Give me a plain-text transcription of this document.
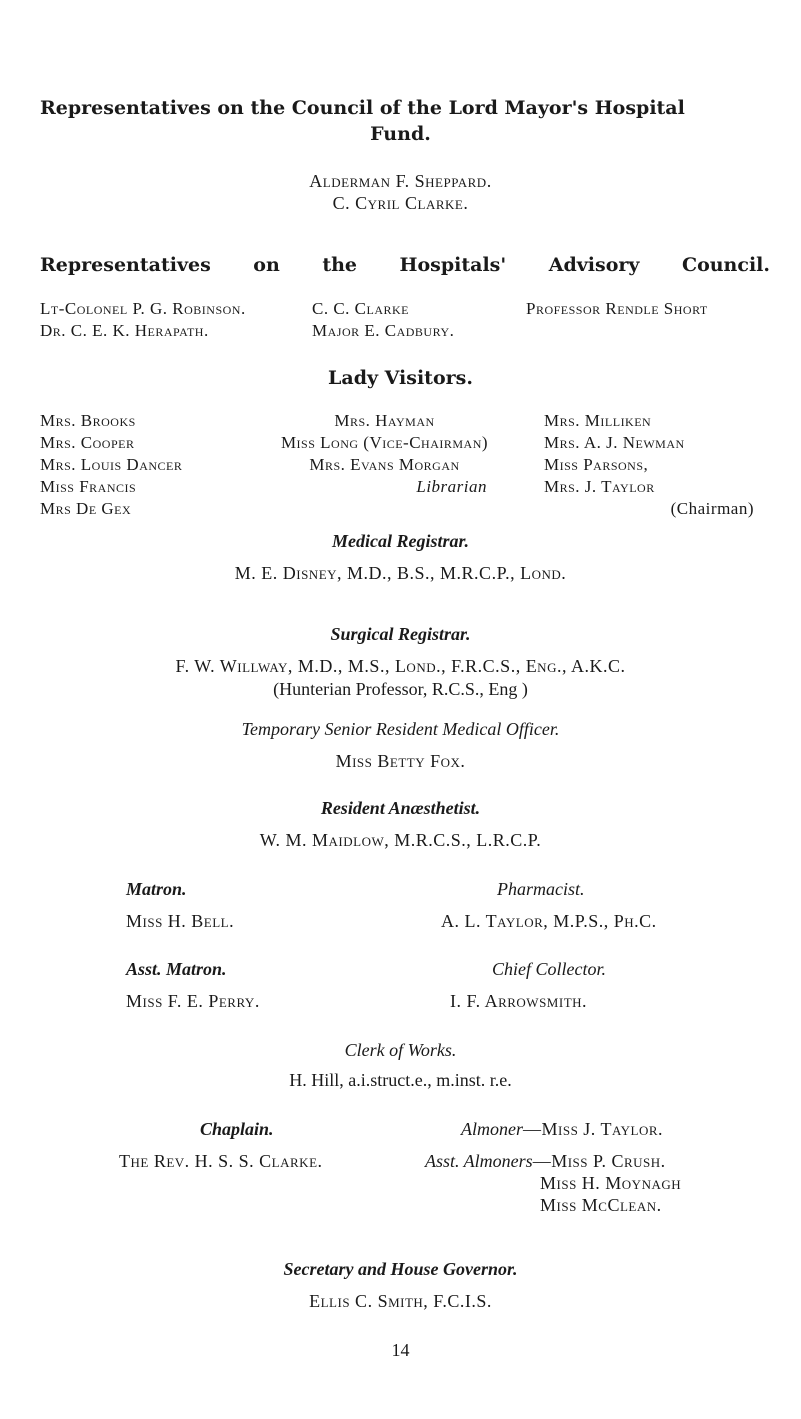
Representatives on the Council of the Lord Mayor's Hospital
Fund.
Alderman F. Sheppard.
C. Cyril Clarke.
Representatives on the Hospitals' Advisory Council.
Lt-Colonel P. G. Robinson.
Dr. C. E. K. Herapath.
C. C. Clarke
Major E. Cadbury.
Professor Rendle Short
Lady Visitors.
Mrs. Brooks
Mrs. Cooper
Mrs. Louis Dancer
Miss Francis
Mrs De Gex
Mrs. Hayman
Miss Long (Vice-Chairman)
Mrs. Evans Morgan
Librarian
Mrs. Milliken
Mrs. A. J. Newman
Miss Parsons,
Mrs. J. Taylor
(Chairman)
Medical Registrar.
M. E. Disney, M.D., B.S., M.R.C.P., Lond.
Surgical Registrar.
F. W. Willway, M.D., M.S., Lond., F.R.C.S., Eng., A.K.C.
(Hunterian Professor, R.C.S., Eng )
Temporary Senior Resident Medical Officer.
Miss Betty Fox.
Resident Anæsthetist.
W. M. Maidlow, M.R.C.S., L.R.C.P.
Matron.
Miss H. Bell.
Pharmacist.
A. L. Taylor, M.P.S., Ph.C.
Asst. Matron.
Miss F. E. Perry.
Chief Collector.
I. F. Arrowsmith.
Clerk of Works.
H. Hill, a.i.struct.e., m.inst. r.e.
Chaplain.
The Rev. H. S. S. Clarke.
Almoner—Miss J. Taylor.
Asst. Almoners—Miss P. Crush.
Miss H. Moynagh
Miss McClean.
Secretary and House Governor.
Ellis C. Smith, F.C.I.S.
14
